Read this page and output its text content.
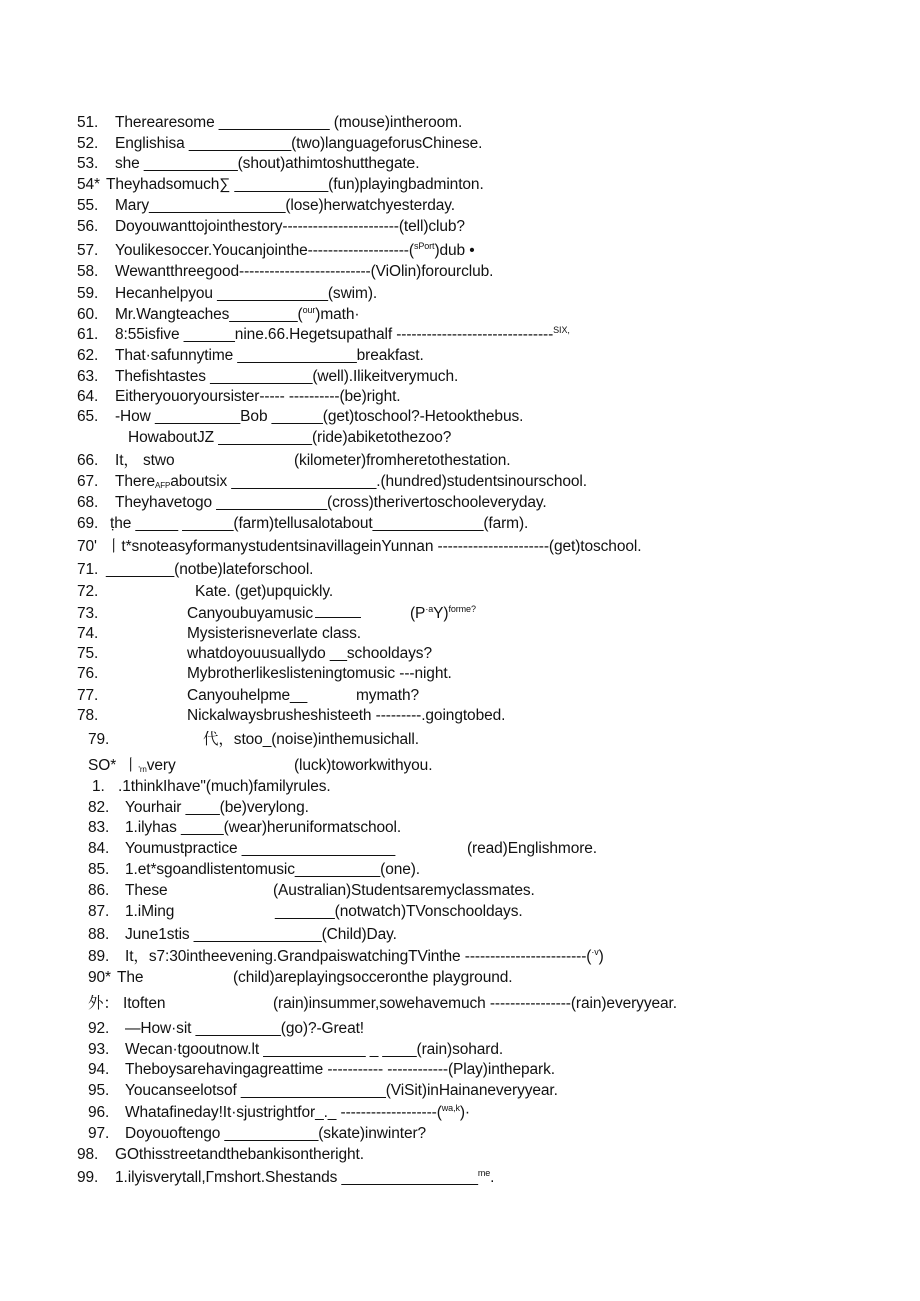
51. Therearesome _____________ (mouse)intheroom.
52. Englishisa ____________(two)languageforusChinese.
53. she ___________(shout)athimtoshutthegate.
54* Theyhadsomuch∑ ___________(fun)playingbadminton.
55. Mary________________(lose)herwatchyesterday.
56. Doyouwanttojointhestory-----------------------(tell)club?
57. Youlikesoccer.Youcanjointhe--------------------($^{sPort}$)dub •
58. Wewantthreegood--------------------------(ViOlin)forourclub.
59. Hecanhelpyou _____________(swim).
60. Mr.Wangteaches________($^{our}$)math·
61. 8:55isfive ______nine.66.Hegetsupathalf -------------------------------$^{SIX,}$
62. That·safunnytime ______________breakfast.
63. Thefishtastes ____________(well).Ilikeitverymuch.
64. Eitheryouoryoursister----- ----------(be)right.
65. -How __________Bob ______(get)toschool?-Hetookthebus.
HowaboutJZ ___________(ride)abiketothezoo?
66. It， stwo	(kilometer)fromheretothestation.
67. There$_{AFP}$aboutsix _________________.(hundred)studentsinourschool.
68. Theyhavetogo _____________(cross)therivertoschooleveryday.
69. ṭhe _____ ______(farm)tellusalotabout_____________(farm).
70' 丨t*snoteasyformanystudentsinavillageinYunnan ----------------------(get)toschool.
71. ________(notbe)lateforschool.
72.	Kate. (get)upquickly.
73.	Canyoubuyamusic	$(P^{\cdot a}Y)^{forme?}$
74.	Mysisterisneverlate class.
75.	whatdoyouusuallydo __schooldays?
76.	Mybrotherlikeslisteningtomusic ---night.
77.	Canyouhelpme__	mymath?
78.	Nickalwaysbrusheshisteeth ---------.goingtobed.
79.	代，stoo_(noise)inthemusichall.
SO* 丨$_{'rn}$very	(luck)toworkwithyou.
1. .1thinkIhave"(much)familyrules.
82. Yourhair ____(be)verylong.
83. 1.ilyhas _____(wear)heruniformatschool.
84. Youmustpractice __________________	(read)Englishmore.
85. 1.et*sgoandlistentomusic__________(one).
86. These	(Australian)Studentsaremyclassmates.
87. 1.iMing	_______(notwatch)TVonschooldays.
88. June1stis _______________(Child)Day.
89. It，s7:30intheevening.GrandpaiswatchingTVinthe ------------------------($^{\cdot v}$)
90* The	(child)areplayingsocceronthe playground.
外： Itoften	(rain)insummer,sowehavemuch ----------------(rain)everyyear.
92. —How·sit __________(go)?-Great!
93. Wecan·tgooutnow.lt ____________ _ ____(rain)sohard.
94. Theboysarehavingagreattime ----------- ------------(Play)inthepark.
95. Youcanseelotsof _________________(ViSit)inHainaneveryyear.
96. Whatafineday!It·sjustrightfor_._ -------------------($^{wa,k}$)·
97. Doyouoftengo ___________(skate)inwinter?
98. GOthisstreetandthebankisontheright.
99. 1.ilyisverytall,Γmshort.Shestands ________________$^{me}$.
